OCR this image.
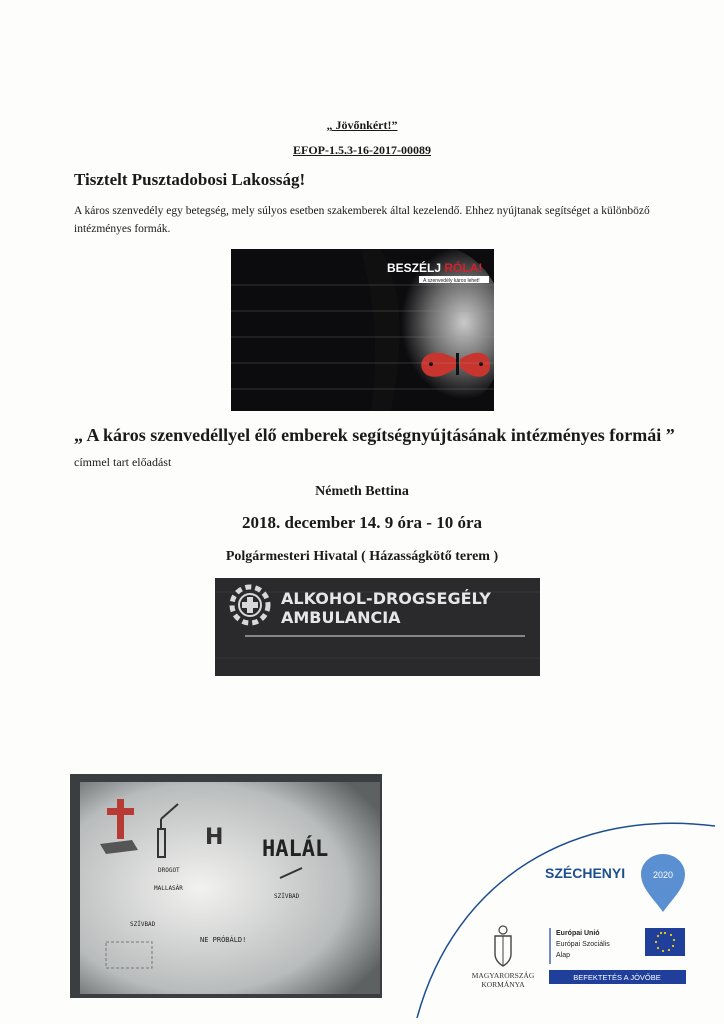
„ Jövőnkért!”
EFOP-1.5.3-16-2017-00089
Tisztelt Pusztadobosi Lakosság!
A káros szenvedély egy betegség, mely súlyos esetben szakemberek által kezelendő. Ehhez nyújtanak segítséget a különböző intézményes formák.
BESZÉLJ RÓLA!
A szenvedély káros lehet!
„ A káros szenvedéllyel élő emberek segítségnyújtásának intézményes formái ” címmel tart előadást
Németh Bettina
2018. december 14. 9 óra - 10 óra
Polgármesteri Hivatal ( Házasságkötő terem )
ALKOHOL-DROGSEGÉLY
AMBULANCIA
H HALÁL
DROGOT
MALLASÁR
SZÍVBAD
NE PRÓBÁLD!
SZÍVBAD
SZÉCHENYI	2020
MAGYARORSZÁG
KORMÁNYA
Európai Unió
Európai Szociális
Alap
BEFEKTETÉS A JÖVŐBE
